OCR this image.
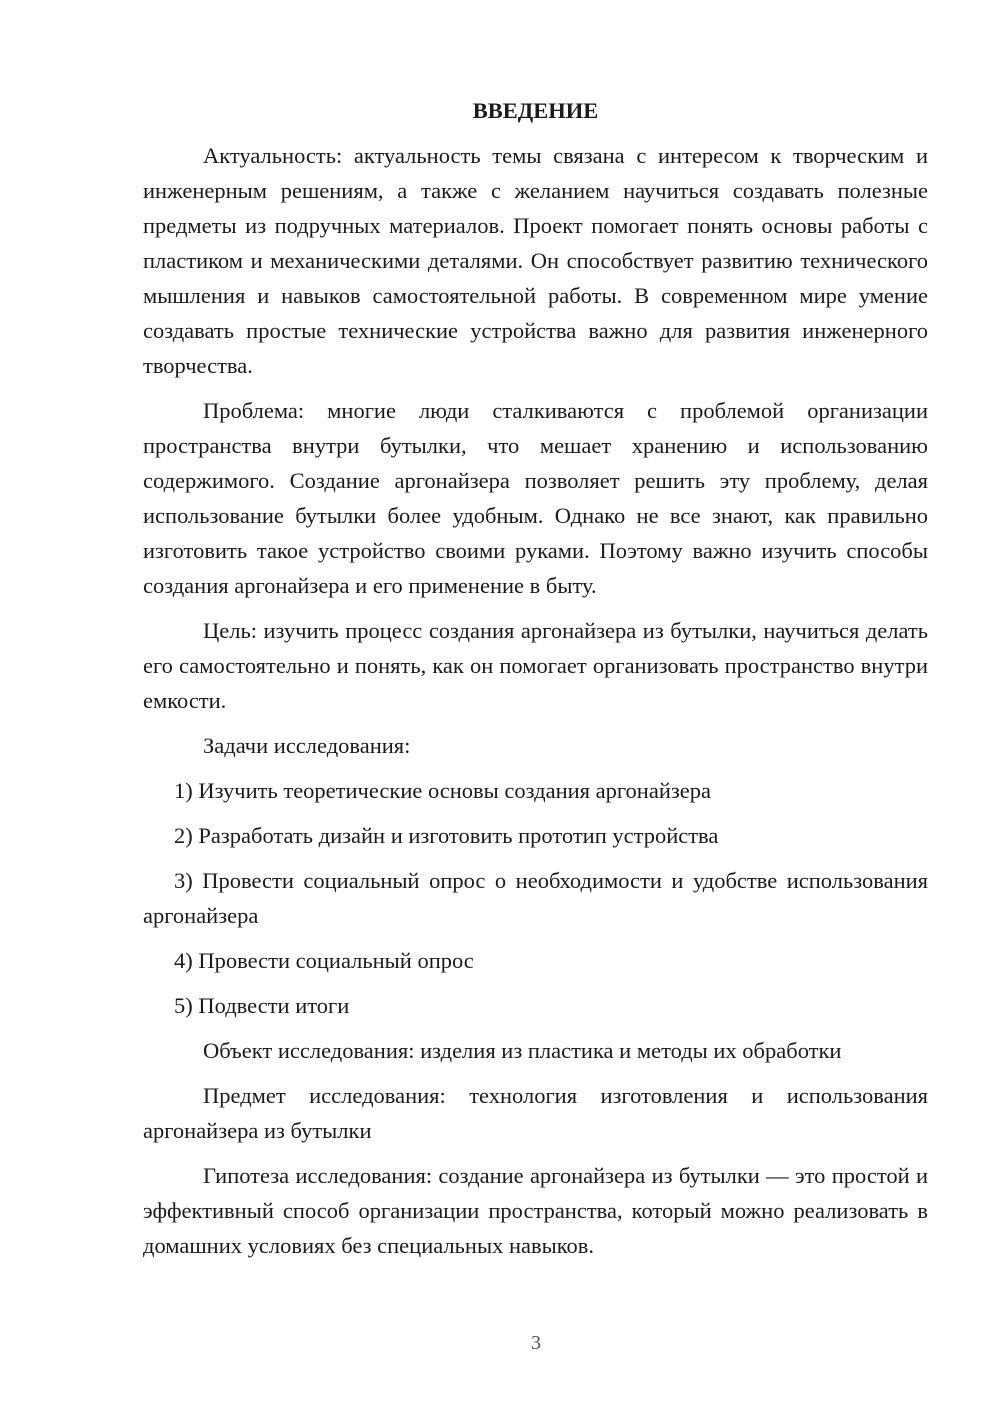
ВВЕДЕНИЕ
Актуальность: актуальность темы связана с интересом к творческим и инженерным решениям, а также с желанием научиться создавать полезные предметы из подручных материалов. Проект помогает понять основы работы с пластиком и механическими деталями. Он способствует развитию технического мышления и навыков самостоятельной работы. В современном мире умение создавать простые технические устройства важно для развития инженерного творчества.
Проблема: многие люди сталкиваются с проблемой организации пространства внутри бутылки, что мешает хранению и использованию содержимого. Создание аргонайзера позволяет решить эту проблему, делая использование бутылки более удобным. Однако не все знают, как правильно изготовить такое устройство своими руками. Поэтому важно изучить способы создания аргонайзера и его применение в быту.
Цель: изучить процесс создания аргонайзера из бутылки, научиться делать его самостоятельно и понять, как он помогает организовать пространство внутри емкости.
Задачи исследования:
1) Изучить теоретические основы создания аргонайзера
2) Разработать дизайн и изготовить прототип устройства
3) Провести социальный опрос о необходимости и удобстве использования аргонайзера
4) Провести социальный опрос
5) Подвести итоги
Объект исследования: изделия из пластика и методы их обработки
Предмет исследования: технология изготовления и использования аргонайзера из бутылки
Гипотеза исследования: создание аргонайзера из бутылки — это простой и эффективный способ организации пространства, который можно реализовать в домашних условиях без специальных навыков.
3
